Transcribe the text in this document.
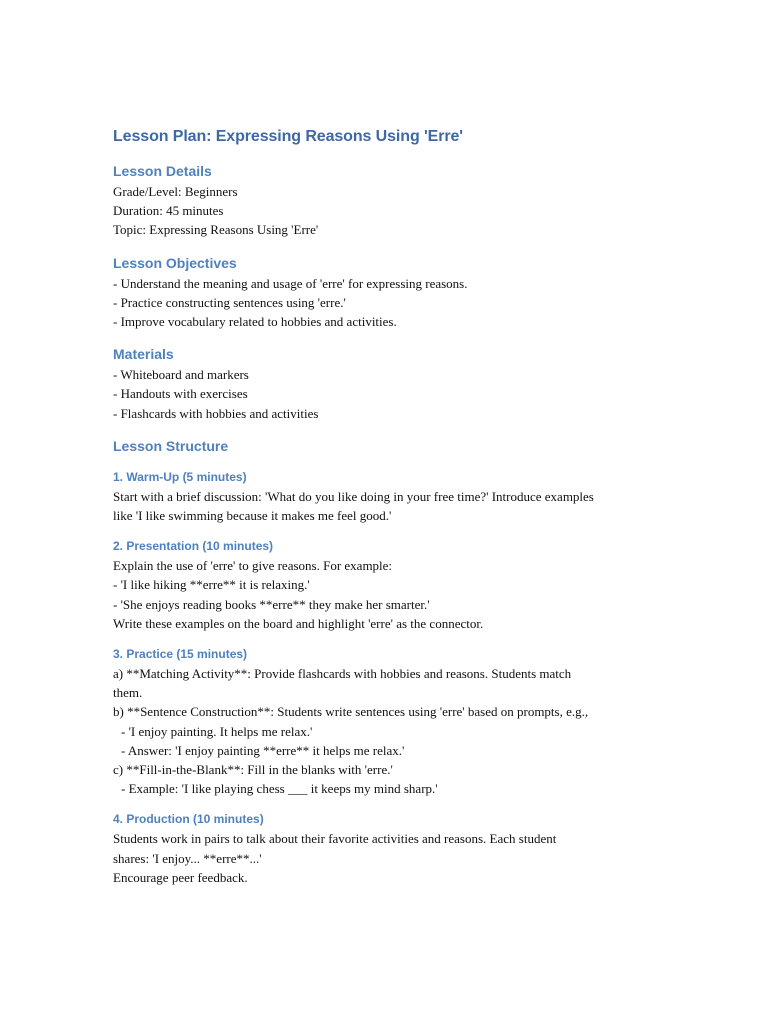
Lesson Plan: Expressing Reasons Using 'Erre'
Lesson Details
Grade/Level: Beginners
Duration: 45 minutes
Topic: Expressing Reasons Using 'Erre'
Lesson Objectives
- Understand the meaning and usage of 'erre' for expressing reasons.
- Practice constructing sentences using 'erre.'
- Improve vocabulary related to hobbies and activities.
Materials
- Whiteboard and markers
- Handouts with exercises
- Flashcards with hobbies and activities
Lesson Structure
1. Warm-Up (5 minutes)
Start with a brief discussion: 'What do you like doing in your free time?' Introduce examples
like 'I like swimming because it makes me feel good.'
2. Presentation (10 minutes)
Explain the use of 'erre' to give reasons. For example:
- 'I like hiking **erre** it is relaxing.'
- 'She enjoys reading books **erre** they make her smarter.'
Write these examples on the board and highlight 'erre' as the connector.
3. Practice (15 minutes)
a) **Matching Activity**: Provide flashcards with hobbies and reasons. Students match
them.
b) **Sentence Construction**: Students write sentences using 'erre' based on prompts, e.g.,
- 'I enjoy painting. It helps me relax.'
- Answer: 'I enjoy painting **erre** it helps me relax.'
c) **Fill-in-the-Blank**: Fill in the blanks with 'erre.'
- Example: 'I like playing chess ___ it keeps my mind sharp.'
4. Production (10 minutes)
Students work in pairs to talk about their favorite activities and reasons. Each student
shares: 'I enjoy... **erre**...'
Encourage peer feedback.
